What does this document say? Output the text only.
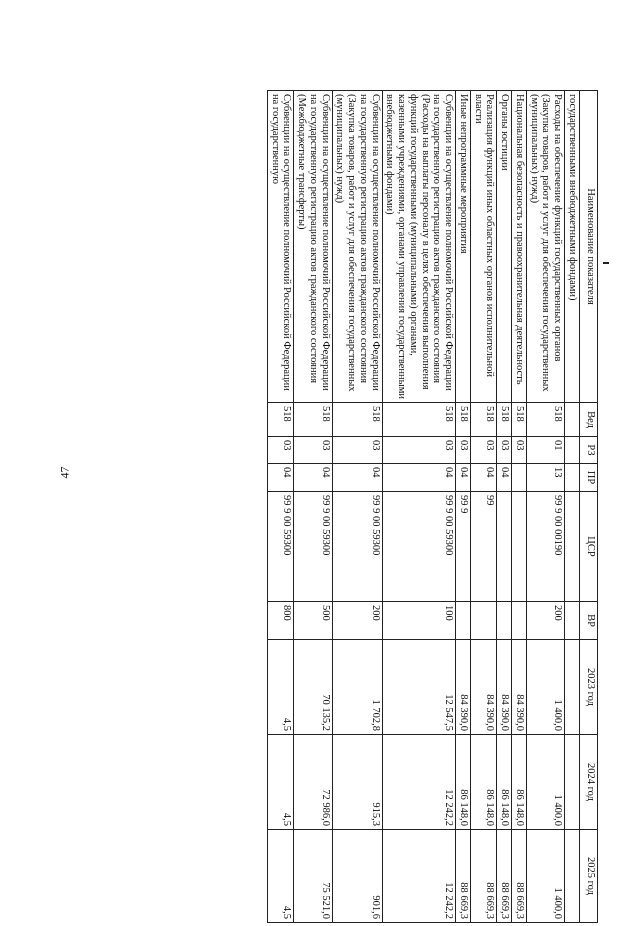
47
Наименование показателя	Вед	РЗ	ПР	ЦСР	ВР	2023 год	2024 год	2025 год
государственными внебюджетными фондами)								
Расходы на обеспечение функций государственных органов (Закупка товаров, работ и услуг для обеспечения государственных (муниципальных) нужд)	518	01	13	99 9 00 00190	200	1 400,0	1 400,0	1 400,0
Национальная безопасность и правоохранительная деятельность	518	03				84 390,0	86 148,0	88 669,3
Органы юстиции	518	03	04			84 390,0	86 148,0	88 669,3
Реализация функций иных областных органов исполнительной власти	518	03	04	99		84 390,0	86 148,0	88 669,3
Иные непрограммные мероприятия	518	03	04	99 9		84 390,0	86 148,0	88 669,3
Субвенции на осуществление полномочий Российской Федерации на государственную регистрацию актов гражданского состояния (Расходы на выплаты персоналу в целях обеспечения выполнения функций государственными (муниципальными) органами, казенными учреждениями, органами управления государственными внебюджетными фондами)	518	03	04	99 9 00 59300	100	12 547,5	12 242,2	12 242,2
Субвенции на осуществление полномочий Российской Федерации на государственную регистрацию актов гражданского состояния (Закупка товаров, работ и услуг для обеспечения государственных (муниципальных) нужд)	518	03	04	99 9 00 59300	200	1 702,8	915,3	901,6
Субвенции на осуществление полномочий Российской Федерации на государственную регистрацию актов гражданского состояния (Межбюджетные трансферты)	518	03	04	99 9 00 59300	500	70 135,2	72 986,0	75 521,0
Субвенции на осуществление полномочий Российской Федерации на государственную	518	03	04	99 9 00 59300	800	4,5	4,5	4,5
